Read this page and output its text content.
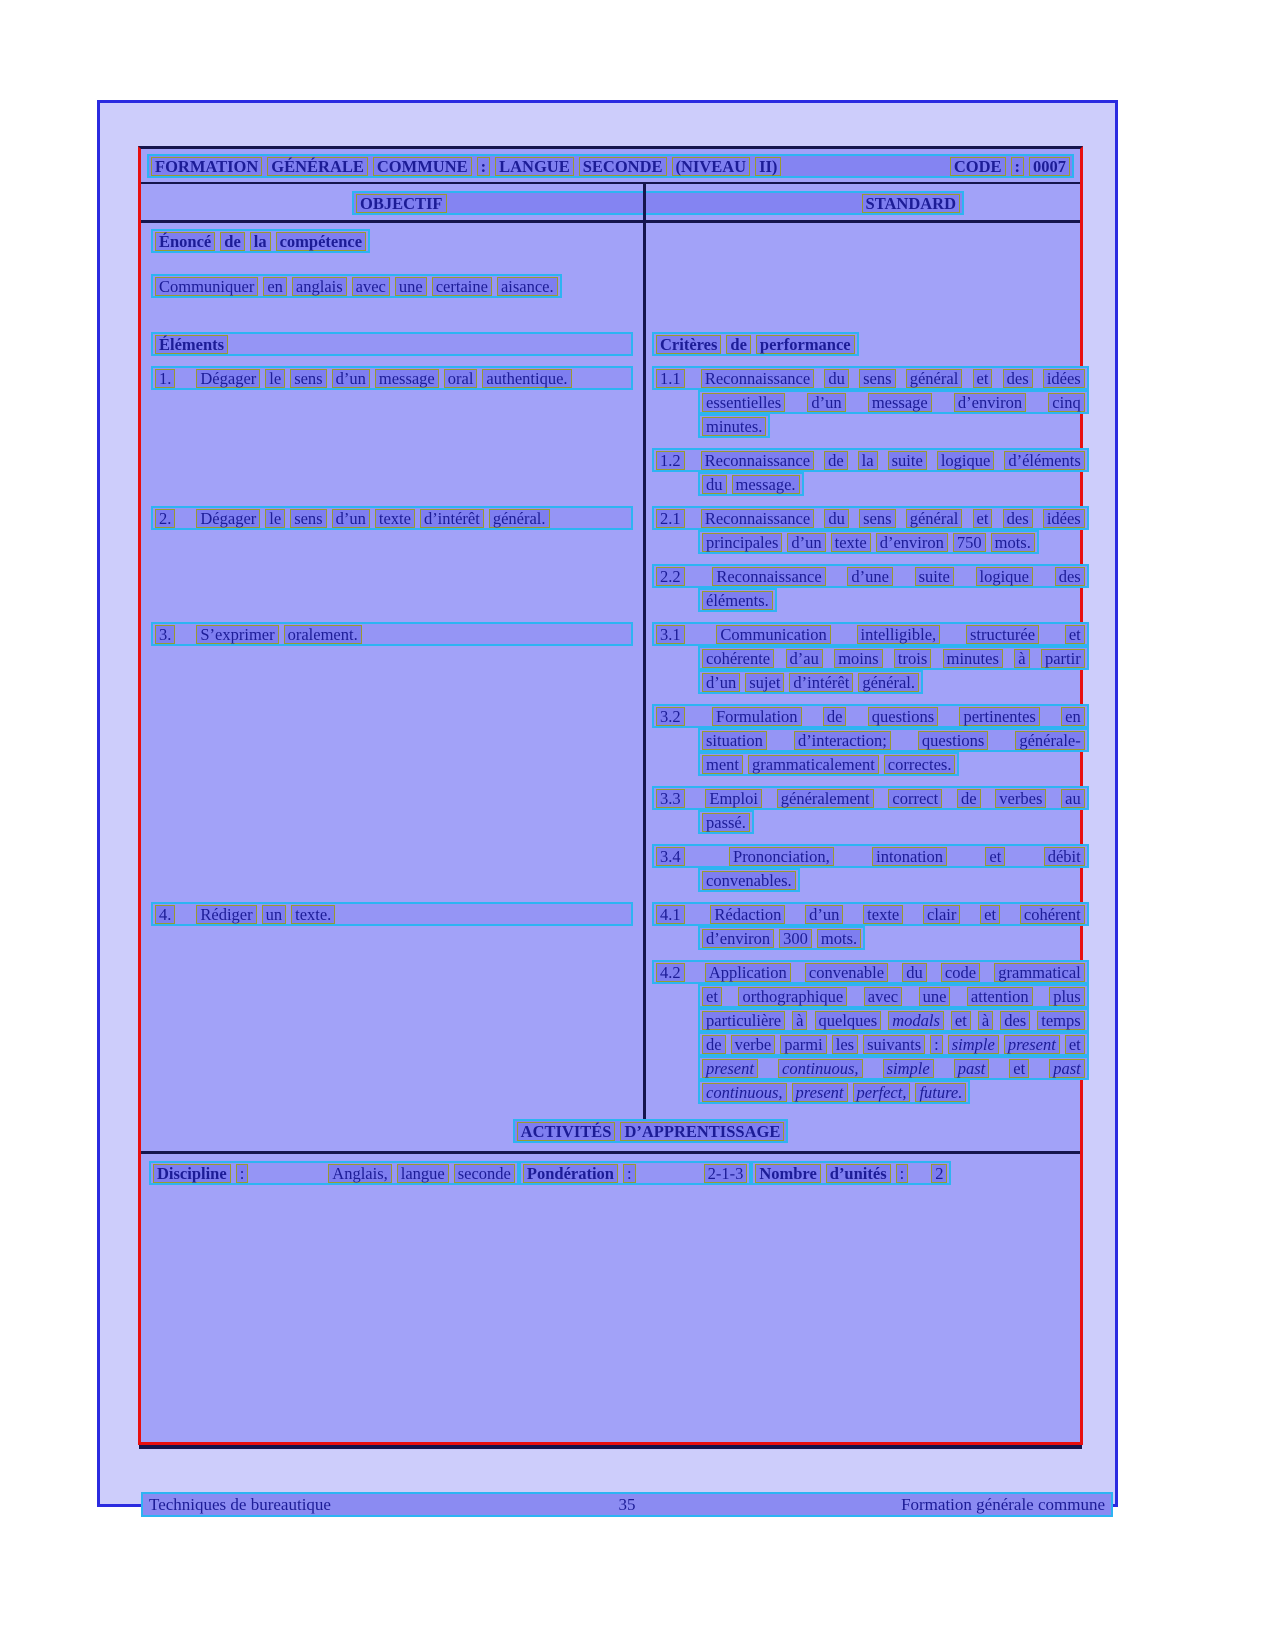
FORMATION GÉNÉRALE COMMUNE : LANGUE SECONDE (NIVEAU II)	CODE : 0007
OBJECTIF	STANDARD
Énoncé de la compétence
Communiquer en anglais avec une certaine aisance.
Éléments	Critères de performance
1. Dégager le sens d’un message oral authentique.	1.1 Reconnaissance du sens général et des idées
essentielles d’un message d’environ cinq
minutes.
1.2 Reconnaissance de la suite logique d’éléments
du message.
2. Dégager le sens d’un texte d’intérêt général.	2.1 Reconnaissance du sens général et des idées
principales d’un texte d’environ 750 mots.
2.2 Reconnaissance d’une suite logique des
éléments.
3. S’exprimer oralement.	3.1 Communication intelligible, structurée et
cohérente d’au moins trois minutes à partir
d’un sujet d’intérêt général.
3.2 Formulation de questions pertinentes en
situation d’interaction; questions générale-
ment grammaticalement correctes.
3.3 Emploi généralement correct de verbes au
passé.
3.4	Prononciation,	intonation	et	débit
convenables.
4. Rédiger un texte.	4.1 Rédaction d’un texte clair et cohérent
d’environ 300 mots.
4.2 Application convenable du code grammatical
et orthographique avec une attention plus
particulière à quelques modals et à des temps
de verbe parmi les suivants : simple present et
present continuous, simple past et past
continuous, present perfect, future.
ACTIVITÉS D’APPRENTISSAGE
Discipline :	Anglais, langue seconde Pondération :	2-1-3 Nombre d’unités : 2
Techniques de bureautique	35	Formation générale commune
